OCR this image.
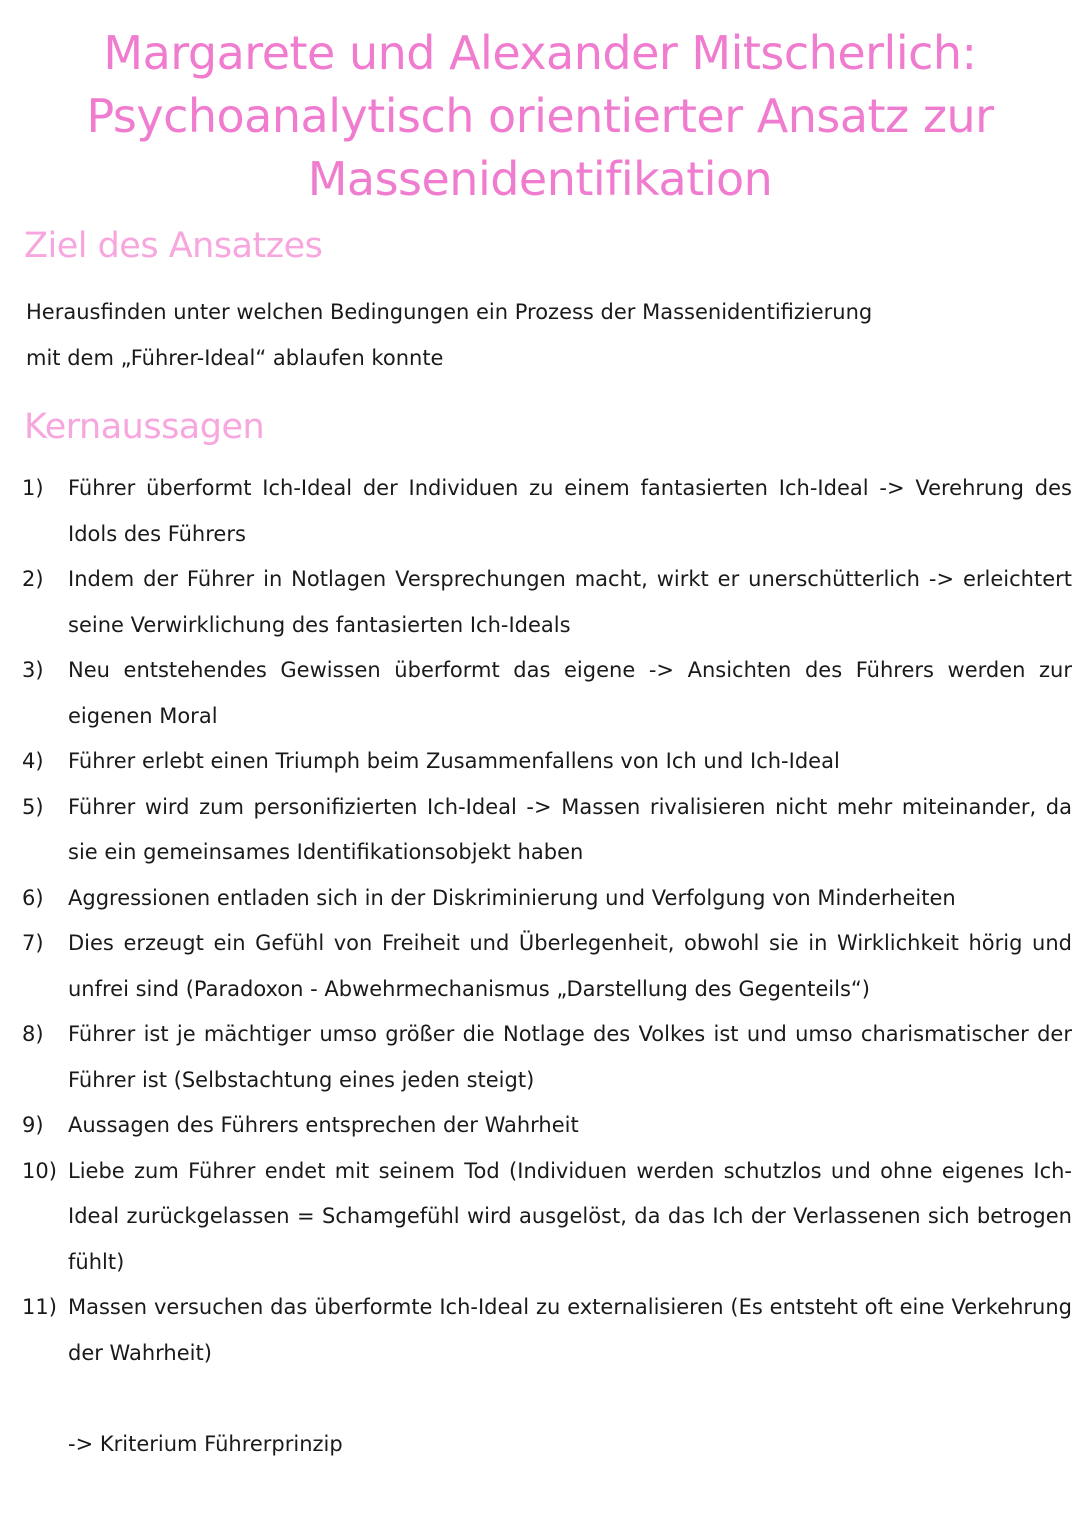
Margarete und Alexander Mitscherlich:
Psychoanalytisch orientierter Ansatz zur
Massenidentifikation
Ziel des Ansatzes
Herausfinden unter welchen Bedingungen ein Prozess der Massenidentifizierung
mit dem „Führer-Ideal“ ablaufen konnte
Kernaussagen
1) Führer überformt Ich-Ideal der Individuen zu einem fantasierten Ich-Ideal -> Verehrung des Idols des Führers
2) Indem der Führer in Notlagen Versprechungen macht, wirkt er unerschütterlich -> erleichtert seine Verwirklichung des fantasierten Ich-Ideals
3) Neu entstehendes Gewissen überformt das eigene -> Ansichten des Führers werden zur eigenen Moral
4) Führer erlebt einen Triumph beim Zusammenfallens von Ich und Ich-Ideal
5) Führer wird zum personifizierten Ich-Ideal -> Massen rivalisieren nicht mehr miteinander, da sie ein gemeinsames Identifikationsobjekt haben
6) Aggressionen entladen sich in der Diskriminierung und Verfolgung von Minderheiten
7) Dies erzeugt ein Gefühl von Freiheit und Überlegenheit, obwohl sie in Wirklichkeit hörig und unfrei sind (Paradoxon - Abwehrmechanismus „Darstellung des Gegenteils“)
8) Führer ist je mächtiger umso größer die Notlage des Volkes ist und umso charismatischer der Führer ist (Selbstachtung eines jeden steigt)
9) Aussagen des Führers entsprechen der Wahrheit
10) Liebe zum Führer endet mit seinem Tod (Individuen werden schutzlos und ohne eigenes Ich-Ideal zurückgelassen = Schamgefühl wird ausgelöst, da das Ich der Verlassenen sich betrogen fühlt)
11) Massen versuchen das überformte Ich-Ideal zu externalisieren (Es entsteht oft eine Verkehrung der Wahrheit)
-> Kriterium Führerprinzip
